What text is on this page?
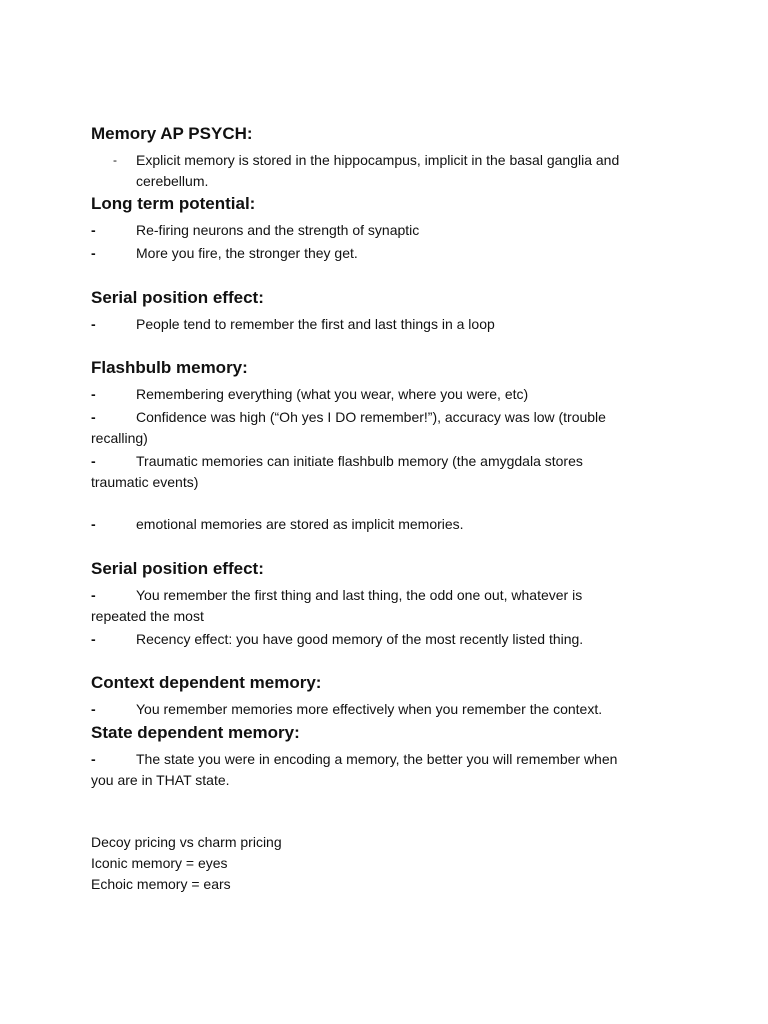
Memory AP PSYCH:
- Explicit memory is stored in the hippocampus, implicit in the basal ganglia and
cerebellum.
Long term potential:
-	Re-firing neurons and the strength of synaptic
-	More you fire, the stronger they get.
Serial position effect:
-	People tend to remember the first and last things in a loop
Flashbulb memory:
-	Remembering everything (what you wear, where you were, etc)
-	Confidence was high (“Oh yes I DO remember!”), accuracy was low (trouble
recalling)
-	Traumatic memories can initiate flashbulb memory (the amygdala stores
traumatic events)
-	emotional memories are stored as implicit memories.
Serial position effect:
-	You remember the first thing and last thing, the odd one out, whatever is
repeated the most
-	Recency effect: you have good memory of the most recently listed thing.
Context dependent memory:
-	You remember memories more effectively when you remember the context.
State dependent memory:
-	The state you were in encoding a memory, the better you will remember when
you are in THAT state.
Decoy pricing vs charm pricing
Iconic memory = eyes
Echoic memory = ears
